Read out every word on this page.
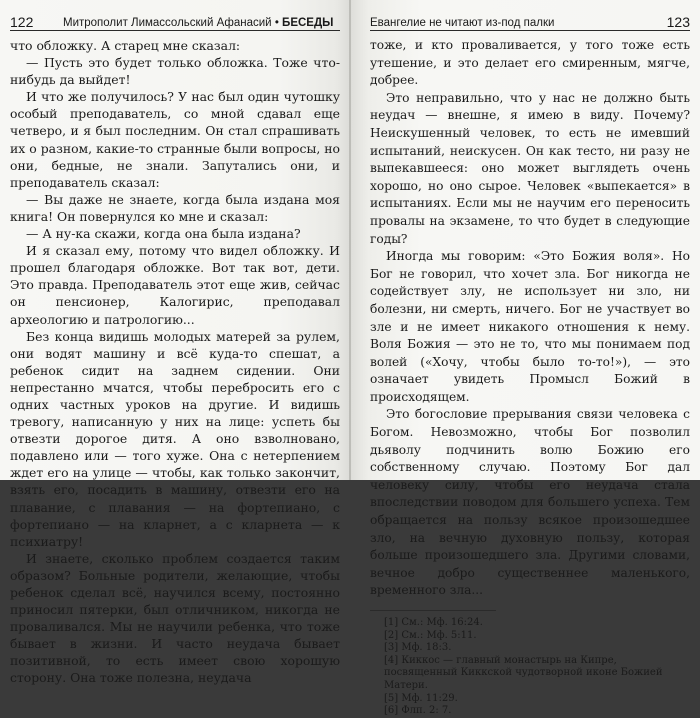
122	Митрополит Лимассольский Афанасий • БЕСЕДЫ

что обложку. А старец мне сказал:

— Пусть это будет только обложка. Тоже что-нибудь да выйдет!

И что же получилось? У нас был один чутошку особый преподаватель, со мной сдавал еще четверо, и я был последним. Он стал спрашивать их о разном, какие-то странные были вопросы, но они, бедные, не знали. Запутались они, и преподаватель сказал:

— Вы даже не знаете, когда была издана моя книга! Он повернулся ко мне и сказал:

— А ну-ка скажи, когда она была издана?

И я сказал ему, потому что видел обложку. И прошел благодаря обложке. Вот так вот, дети. Это правда. Преподаватель этот еще жив, сейчас он пенсионер, Калогирис, преподавал археологию и патрологию...

Без конца видишь молодых матерей за рулем, они водят машину и всё куда-то спешат, а ребенок сидит на заднем сидении. Они непрестанно мчатся, чтобы перебросить его с одних частных уроков на другие. И видишь тревогу, написанную у них на лице: успеть бы отвезти дорогое дитя. А оно взволновано, подавлено или — того хуже. Она с нетерпением ждет его на улице — чтобы, как только закончит, взять его, посадить в машину, отвезти его на плавание, с плавания — на фортепиано, с фортепиано — на кларнет, а с кларнета — к психиатру!

И знаете, сколько проблем создается таким образом? Больные родители, желающие, чтобы ребенок сделал всё, научился всему, постоянно приносил пятерки, был отличником, никогда не проваливался. Мы не научили ребенка, что тоже бывает в жизни. И часто неудача бывает позитивной, то есть имеет свою хорошую сторону. Она тоже полезна, неудача

Евангелие не читают из-под палки	123

тоже, и кто проваливается, у того тоже есть утешение, и это делает его смиренным, мягче, добрее.

Это неправильно, что у нас не должно быть неудач — внешне, я имею в виду. Почему? Неискушенный человек, то есть не имевший испытаний, неискусен. Он как тесто, ни разу не выпекавшееся: оно может выглядеть очень хорошо, но оно сырое. Человек «выпекается» в испытаниях. Если мы не научим его переносить провалы на экзамене, то что будет в следующие годы?

Иногда мы говорим: «Это Божия воля». Но Бог не говорил, что хочет зла. Бог никогда не содействует злу, не использует ни зло, ни болезни, ни смерть, ничего. Бог не участвует во зле и не имеет никакого отношения к нему. Воля Божия — это не то, что мы понимаем под волей («Хочу, чтобы было то-то!»), — это означает увидеть Промысл Божий в происходящем.

Это богословие прерывания связи человека с Богом. Невозможно, чтобы Бог позволил дьяволу подчинить волю Божию его собственному случаю. Поэтому Бог дал человеку силу, чтобы его неудача стала впоследствии поводом для большего успеха. Тем обращается на пользу всякое произошедшее зло, на вечную духовную пользу, которая больше произошедшего зла. Другими словами, вечное добро существеннее маленького, временного зла...

[1] См.: Мф. 16:24.
[2] См.: Мф. 5:11.
[3] Мф. 18:3.
[4] Киккос — главный монастырь на Кипре, посвященный Киккской чудотворной иконе Божией Матери.
[5] Мф. 11:29.
[6] Флп. 2: 7.
